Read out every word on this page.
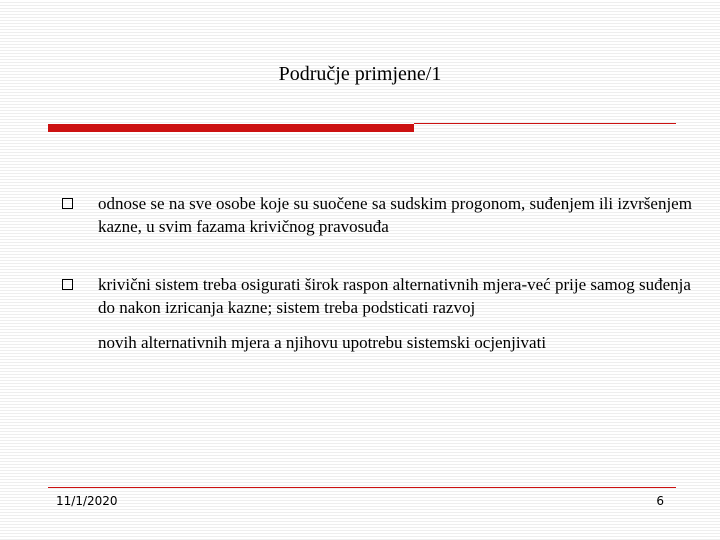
Područje primjene/1
odnose se na sve osobe koje su suočene sa sudskim progonom, suđenjem ili izvršenjem kazne, u svim fazama krivičnog pravosuđa
krivični sistem treba osigurati širok raspon alternativnih mjera-već prije samog suđenja do nakon izricanja kazne; sistem treba podsticati razvoj
novih alternativnih mjera a njihovu upotrebu sistemski ocjenjivati
11/1/2020	6
